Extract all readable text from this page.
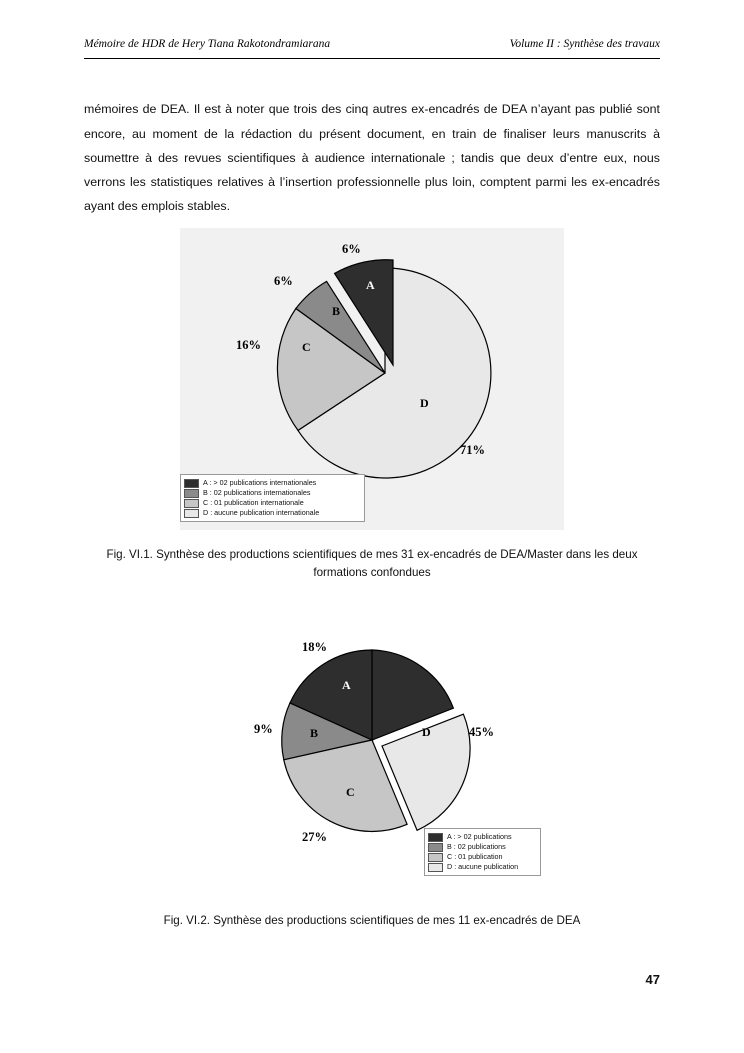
Mémoire de HDR de Hery Tiana Rakotondramiarana	Volume II : Synthèse des travaux

mémoires de DEA. Il est à noter que trois des cinq autres ex-encadrés de DEA n’ayant pas publié sont encore, au moment de la rédaction du présent document, en train de finaliser leurs manuscrits à soumettre à des revues scientifiques à audience internationale ; tandis que deux d’entre eux, nous verrons les statistiques relatives à l’insertion professionnelle plus loin, comptent parmi les ex-encadrés ayant des emplois stables.

6%
6%
16%
71%
A
B
C
D
A : > 02 publications internationales
B : 02 publications internationales
C : 01 publication internationale
D : aucune publication internationale
Fig. VI.1. Synthèse des productions scientifiques de mes 31 ex-encadrés de DEA/Master dans les deux formations confondues
18%
9%
27%
45%
A
B
C
D
A : > 02 publications
B : 02 publications
C : 01 publication
D : aucune publication
Fig. VI.2. Synthèse des productions scientifiques de mes 11 ex-encadrés de DEA
47
